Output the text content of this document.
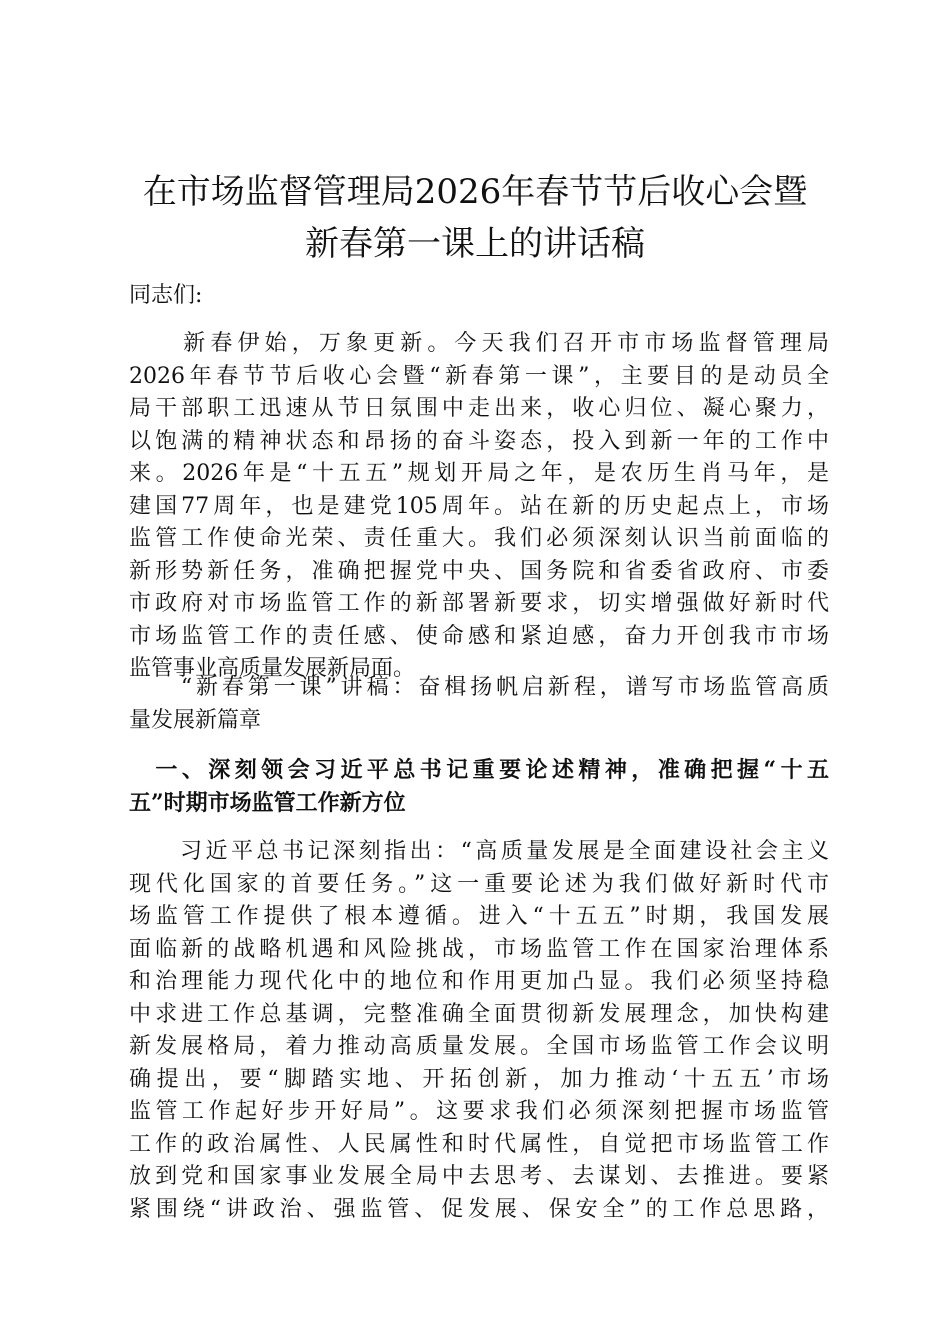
在市场监督管理局2026年春节节后收心会暨
新春第一课上的讲话稿

同志们:

　　新春伊始，万象更新。今天我们召开市市场监督管理局
2026年春节节后收心会暨“新春第一课”，主要目的是动员全
局干部职工迅速从节日氛围中走出来，收心归位、凝心聚力，
以饱满的精神状态和昂扬的奋斗姿态，投入到新一年的工作中
来。2026年是“十五五”规划开局之年，是农历生肖马年，是
建国77周年，也是建党105周年。站在新的历史起点上，市场
监管工作使命光荣、责任重大。我们必须深刻认识当前面临的
新形势新任务，准确把握党中央、国务院和省委省政府、市委
市政府对市场监管工作的新部署新要求，切实增强做好新时代
市场监管工作的责任感、使命感和紧迫感，奋力开创我市市场
监管事业高质量发展新局面。

　　“新春第一课”讲稿：奋楫扬帆启新程，谱写市场监管高质
量发展新篇章

　一、深刻领会习近平总书记重要论述精神，准确把握“十五
五”时期市场监管工作新方位

　　习近平总书记深刻指出：“高质量发展是全面建设社会主义
现代化国家的首要任务。”这一重要论述为我们做好新时代市
场监管工作提供了根本遵循。进入“十五五”时期，我国发展
面临新的战略机遇和风险挑战，市场监管工作在国家治理体系
和治理能力现代化中的地位和作用更加凸显。我们必须坚持稳
中求进工作总基调，完整准确全面贯彻新发展理念，加快构建
新发展格局，着力推动高质量发展。全国市场监管工作会议明
确提出，要“脚踏实地、开拓创新，加力推动‘十五五’市场
监管工作起好步开好局”。这要求我们必须深刻把握市场监管
工作的政治属性、人民属性和时代属性，自觉把市场监管工作
放到党和国家事业发展全局中去思考、去谋划、去推进。要紧
紧围绕“讲政治、强监管、促发展、保安全”的工作总思路，
